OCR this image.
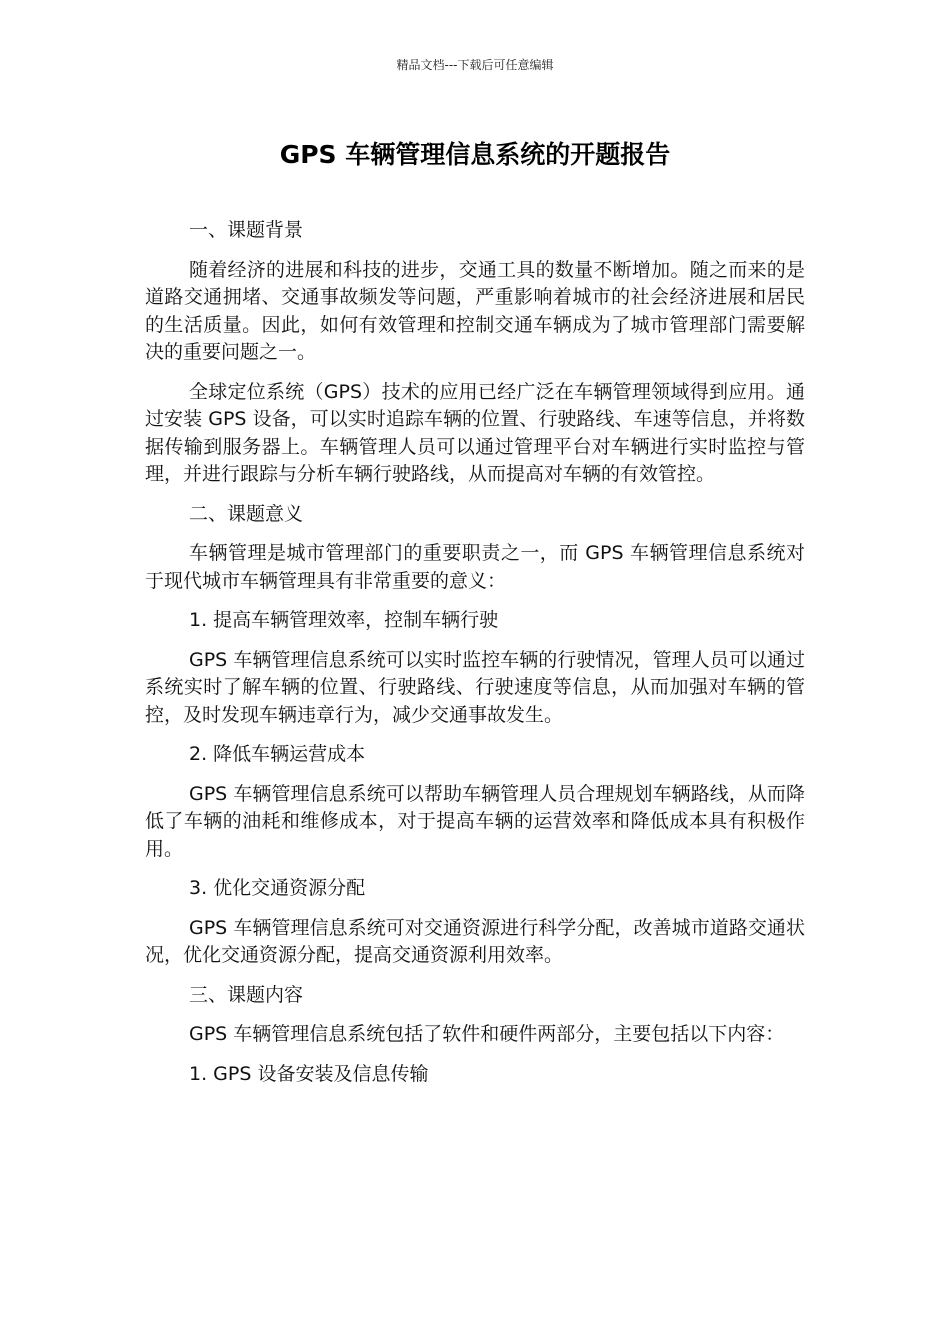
精品文档---下载后可任意编辑
GPS 车辆管理信息系统的开题报告

一、课题背景

随着经济的进展和科技的进步，交通工具的数量不断增加。随之而来的是道路交通拥堵、交通事故频发等问题，严重影响着城市的社会经济进展和居民的生活质量。因此，如何有效管理和控制交通车辆成为了城市管理部门需要解决的重要问题之一。

全球定位系统（GPS）技术的应用已经广泛在车辆管理领域得到应用。通过安装 GPS 设备，可以实时追踪车辆的位置、行驶路线、车速等信息，并将数据传输到服务器上。车辆管理人员可以通过管理平台对车辆进行实时监控与管理，并进行跟踪与分析车辆行驶路线，从而提高对车辆的有效管控。

二、课题意义

车辆管理是城市管理部门的重要职责之一，而 GPS 车辆管理信息系统对于现代城市车辆管理具有非常重要的意义：

1. 提高车辆管理效率，控制车辆行驶

GPS 车辆管理信息系统可以实时监控车辆的行驶情况，管理人员可以通过系统实时了解车辆的位置、行驶路线、行驶速度等信息，从而加强对车辆的管控，及时发现车辆违章行为，减少交通事故发生。

2. 降低车辆运营成本

GPS 车辆管理信息系统可以帮助车辆管理人员合理规划车辆路线，从而降低了车辆的油耗和维修成本，对于提高车辆的运营效率和降低成本具有积极作用。

3. 优化交通资源分配

GPS 车辆管理信息系统可对交通资源进行科学分配，改善城市道路交通状况，优化交通资源分配，提高交通资源利用效率。

三、课题内容

GPS 车辆管理信息系统包括了软件和硬件两部分，主要包括以下内容：

1. GPS 设备安装及信息传输
